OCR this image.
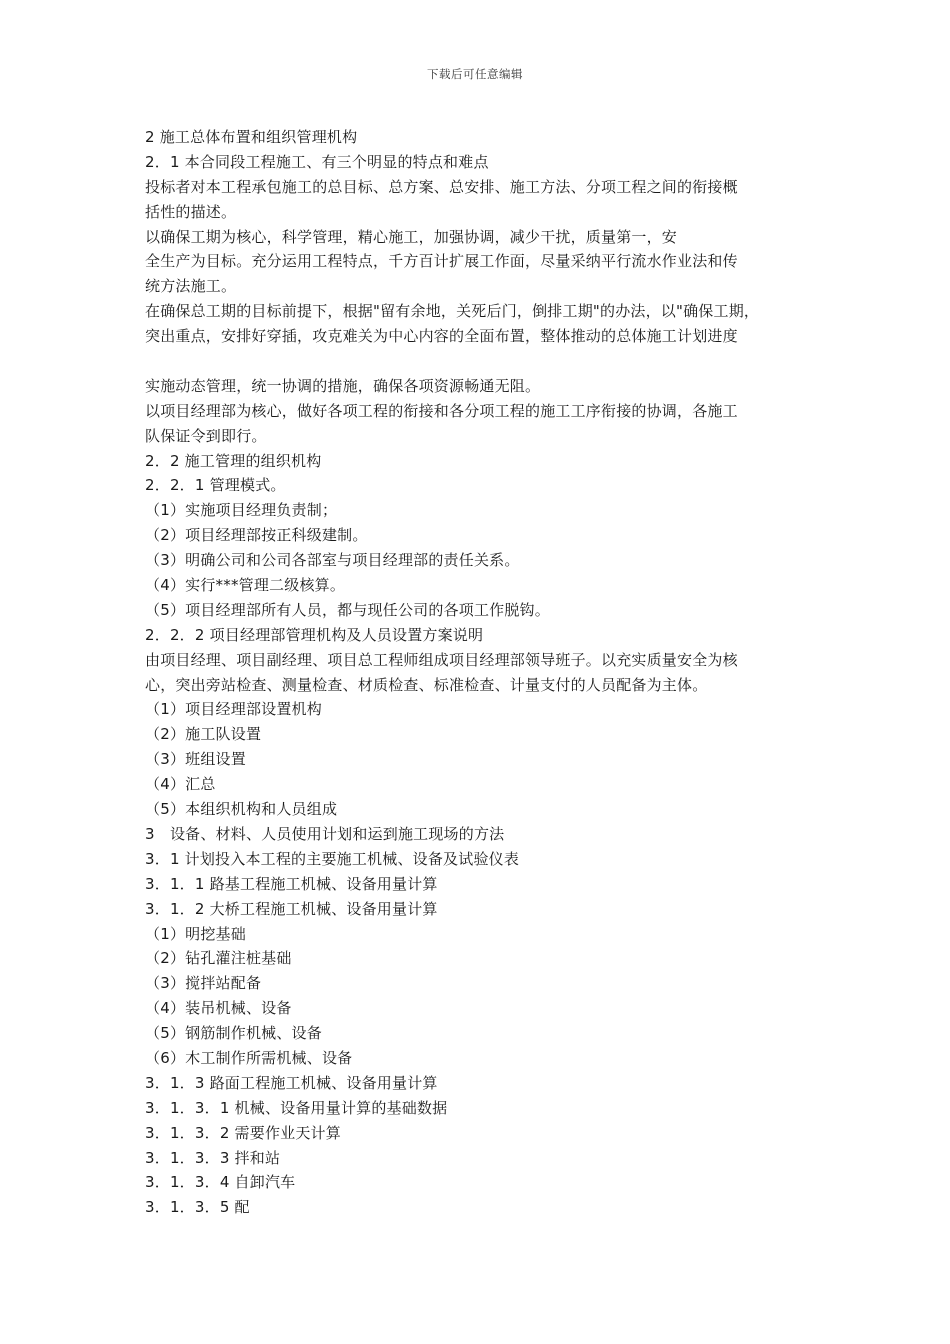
下载后可任意编辑
2 施工总体布置和组织管理机构
2．1 本合同段工程施工、有三个明显的特点和难点
投标者对本工程承包施工的总目标、总方案、总安排、施工方法、分项工程之间的衔接概
括性的描述。
以确保工期为核心，科学管理，精心施工，加强协调，减少干扰，质量第一，安
全生产为目标。充分运用工程特点，千方百计扩展工作面，尽量采纳平行流水作业法和传
统方法施工。
在确保总工期的目标前提下，根据"留有余地，关死后门，倒排工期"的办法，以"确保工期，
突出重点，安排好穿插，攻克难关为中心内容的全面布置，整体推动的总体施工计划进度
实施动态管理，统一协调的措施，确保各项资源畅通无阻。
以项目经理部为核心，做好各项工程的衔接和各分项工程的施工工序衔接的协调，各施工
队保证令到即行。
2．2 施工管理的组织机构
2．2．1 管理模式。
（1）实施项目经理负责制；
（2）项目经理部按正科级建制。
（3）明确公司和公司各部室与项目经理部的责任关系。
（4）实行***管理二级核算。
（5）项目经理部所有人员，都与现任公司的各项工作脱钩。
2．2．2 项目经理部管理机构及人员设置方案说明
由项目经理、项目副经理、项目总工程师组成项目经理部领导班子。以充实质量安全为核
心，突出旁站检查、测量检查、材质检查、标准检查、计量支付的人员配备为主体。
（1）项目经理部设置机构
（2）施工队设置
（3）班组设置
（4）汇总
（5）本组织机构和人员组成
3　设备、材料、人员使用计划和运到施工现场的方法
3．1 计划投入本工程的主要施工机械、设备及试验仪表
3．1．1 路基工程施工机械、设备用量计算
3．1．2 大桥工程施工机械、设备用量计算
（1）明挖基础
（2）钻孔灌注桩基础
（3）搅拌站配备
（4）装吊机械、设备
（5）钢筋制作机械、设备
（6）木工制作所需机械、设备
3．1．3 路面工程施工机械、设备用量计算
3．1．3．1 机械、设备用量计算的基础数据
3．1．3．2 需要作业天计算
3．1．3．3 拌和站
3．1．3．4 自卸汽车
3．1．3．5 配
